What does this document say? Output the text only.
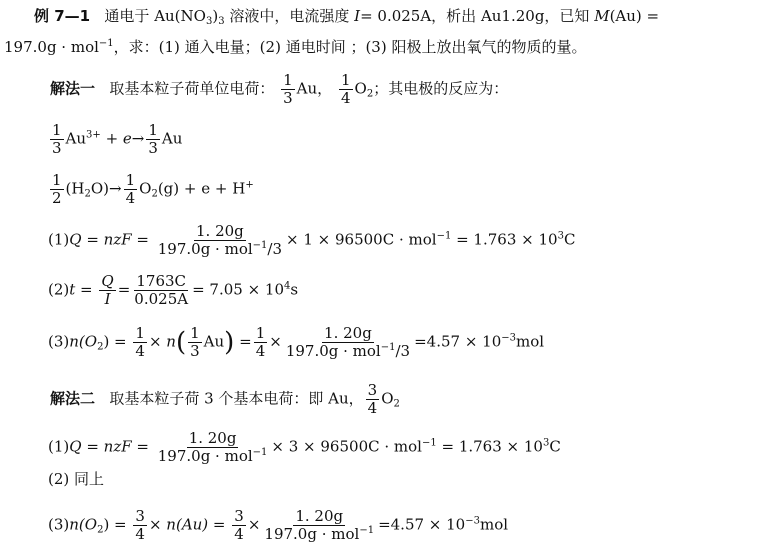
例 7—1 通电于 $Au(NO_3)_3$ 溶液中，电流强度 I= 0.025A，析出 Au1.20g，已知 M(Au) =
197.0g · mol$^{-1}$，求：(1) 通入电量；(2) 通电时间 ；(3) 阳极上放出氧气的物质的量。
解法一 取基本粒子荷单位电荷： $\frac{1}{3}$ Au， $\frac{1}{4} O_2$；其电极的反应为：
$\frac{1}{3} Au^{3+} + e\to \frac{1}{3}$ Au
$\frac{1}{2} (H_2O)\to \frac{1}{4} O_2(g) + e + H^+$
(1)Q = nzF = $\frac{1. 20g}{197.0g \cdot mol^{-1}/3} \times 1 \times 96500C \cdot mol^{-1} = 1.763 \times 10^3C$
$(2)t = \frac{Q}{I} = \frac{1763C}{0.025A} = 7.05 \times 10^4s$
$(3)n(O_2) = \frac{1}{4} \times n( \frac{1}{3} Au) = \frac{1}{4} \times \frac{1. 20g}{197.0g \cdot mol^{-1}/3} =4.57 \times 10^{-3}mol$
解法二 取基本粒子荷 3 个基本电荷：即 Au， $\frac{3}{4} O_2$
(1)Q = nzF = $\frac{1. 20g}{197.0g \cdot mol^{-1}} \times 3 \times 96500C \cdot mol^{-1} = 1.763 \times 10^3C$
(2) 同上
$(3)n(O_2) = \frac{3}{4} \times n(Au) = \frac{3}{4} \times \frac{1. 20g}{197.0g \cdot mol^{-1}} =4.57 \times 10^{-3}mol$
